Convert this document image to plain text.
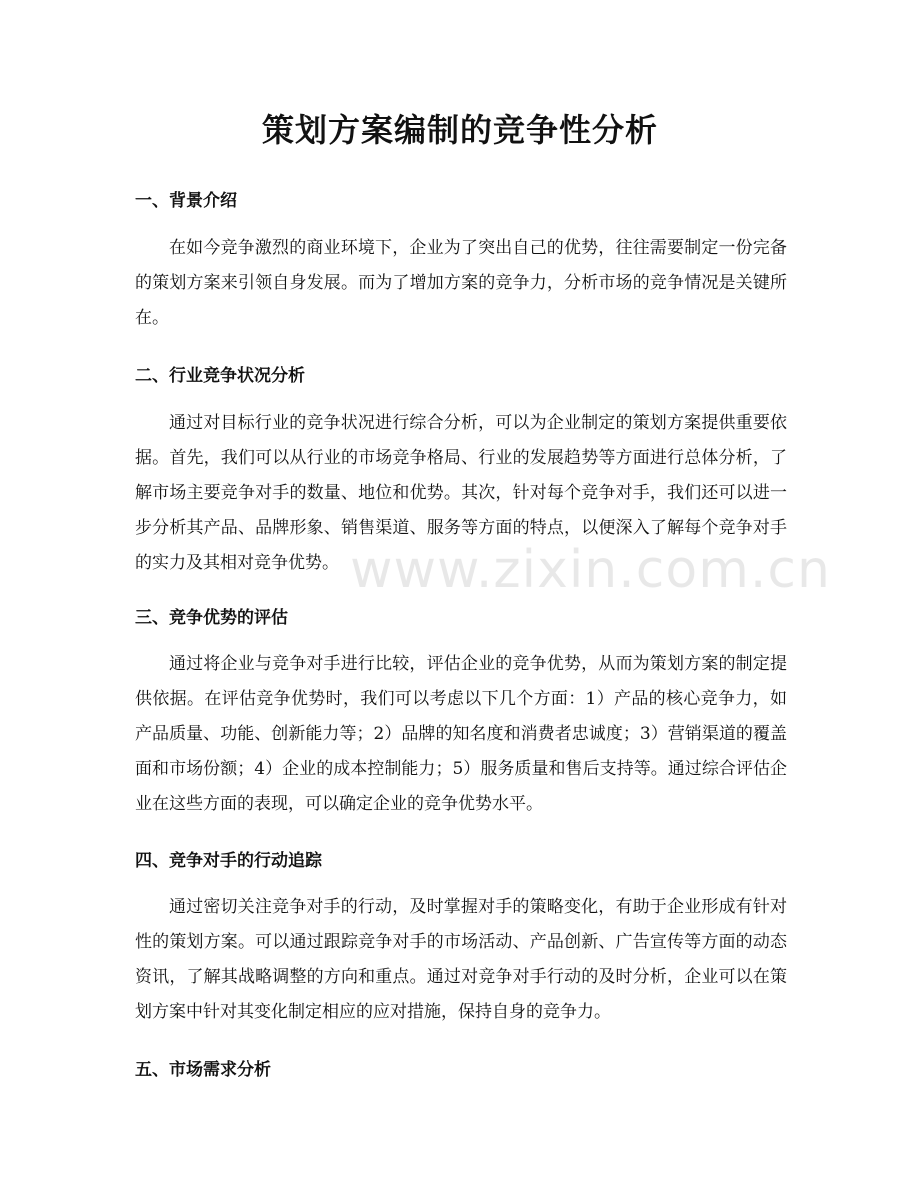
策划方案编制的竞争性分析
一、背景介绍

在如今竞争激烈的商业环境下，企业为了突出自己的优势，往往需要制定一份完备的策划方案来引领自身发展。而为了增加方案的竞争力，分析市场的竞争情况是关键所在。

二、行业竞争状况分析

通过对目标行业的竞争状况进行综合分析，可以为企业制定的策划方案提供重要依据。首先，我们可以从行业的市场竞争格局、行业的发展趋势等方面进行总体分析，了解市场主要竞争对手的数量、地位和优势。其次，针对每个竞争对手，我们还可以进一步分析其产品、品牌形象、销售渠道、服务等方面的特点，以便深入了解每个竞争对手的实力及其相对竞争优势。

三、竞争优势的评估

通过将企业与竞争对手进行比较，评估企业的竞争优势，从而为策划方案的制定提供依据。在评估竞争优势时，我们可以考虑以下几个方面：1）产品的核心竞争力，如产品质量、功能、创新能力等；2）品牌的知名度和消费者忠诚度；3）营销渠道的覆盖面和市场份额；4）企业的成本控制能力；5）服务质量和售后支持等。通过综合评估企业在这些方面的表现，可以确定企业的竞争优势水平。

四、竞争对手的行动追踪

通过密切关注竞争对手的行动，及时掌握对手的策略变化，有助于企业形成有针对性的策划方案。可以通过跟踪竞争对手的市场活动、产品创新、广告宣传等方面的动态资讯，了解其战略调整的方向和重点。通过对竞争对手行动的及时分析，企业可以在策划方案中针对其变化制定相应的应对措施，保持自身的竞争力。

五、市场需求分析
www.zixin.com.cn
